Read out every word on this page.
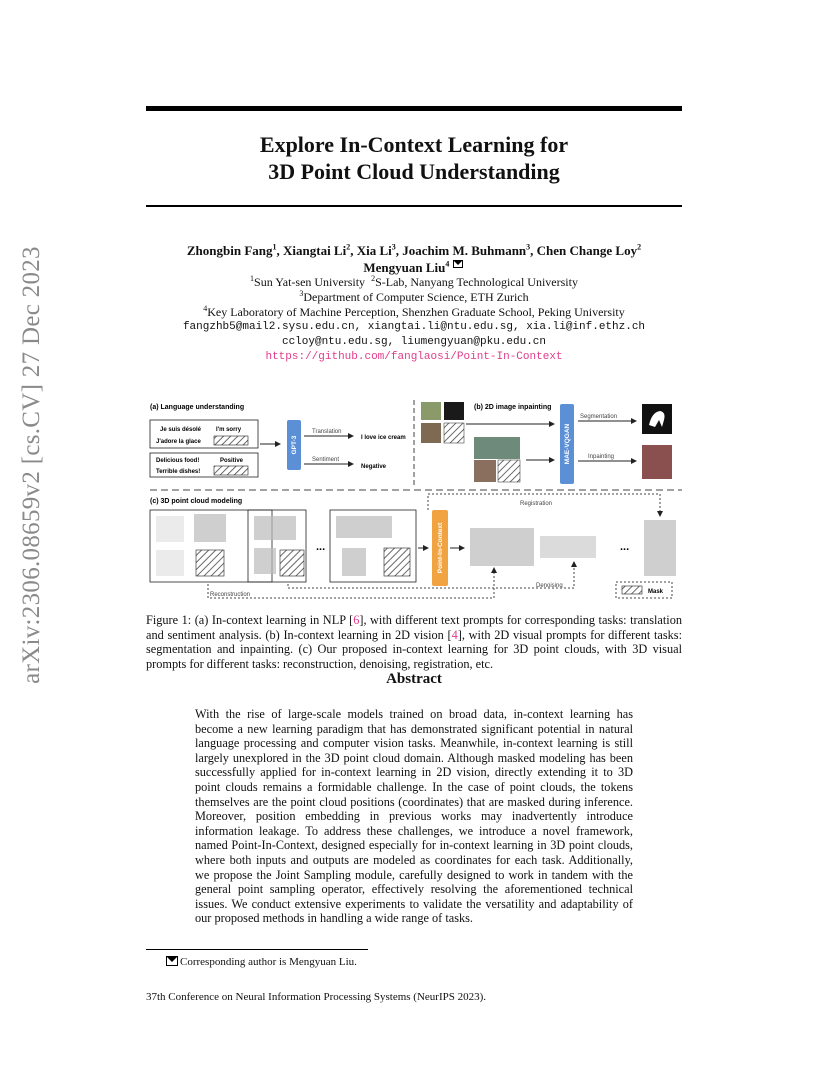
arXiv:2306.08659v2 [cs.CV] 27 Dec 2023
Explore In-Context Learning for
3D Point Cloud Understanding
Zhongbin Fang$^1$, Xiangtai Li$^2$, Xia Li$^3$, Joachim M. Buhmann$^3$, Chen Change Loy$^2$
Mengyuan Liu$^4$
$^1$Sun Yat-sen University $^2$S-Lab, Nanyang Technological University
$^3$Department of Computer Science, ETH Zurich
$^4$Key Laboratory of Machine Perception, Shenzhen Graduate School, Peking University
fangzhb5@mail2.sysu.edu.cn, xiangtai.li@ntu.edu.sg, xia.li@inf.ethz.ch
ccloy@ntu.edu.sg, liumengyuan@pku.edu.cn
https://github.com/fanglaosi/Point-In-Context
(a) Language understanding
Je suis désolé I'm sorry
J'adore la glace
Delicious food!	Positive
Terrible dishes!
GPT-3
Translation
I love ice cream
Sentiment
Negative
(b) 2D image inpainting
MAE-VQGAN
Segmentation
Inpainting
(c) 3D point cloud modeling
...	Point-In-Context	...
Registration
Denoising
Reconstruction	Mask
Figure 1: (a) In-context learning in NLP [6], with different text prompts for corresponding tasks: translation and sentiment analysis. (b) In-context learning in 2D vision [4], with 2D visual prompts for different tasks: segmentation and inpainting. (c) Our proposed in-context learning for 3D point clouds, with 3D visual prompts for different tasks: reconstruction, denoising, registration, etc.
Abstract
With the rise of large-scale models trained on broad data, in-context learning has become a new learning paradigm that has demonstrated significant potential in natural language processing and computer vision tasks. Meanwhile, in-context learning is still largely unexplored in the 3D point cloud domain. Although masked modeling has been successfully applied for in-context learning in 2D vision, directly extending it to 3D point clouds remains a formidable challenge. In the case of point clouds, the tokens themselves are the point cloud positions (coordinates) that are masked during inference. Moreover, position embedding in previous works may inadvertently introduce information leakage. To address these challenges, we introduce a novel framework, named Point-In-Context, designed especially for in-context learning in 3D point clouds, where both inputs and outputs are modeled as coordinates for each task. Additionally, we propose the Joint Sampling module, carefully designed to work in tandem with the general point sampling operator, effectively resolving the aforementioned technical issues. We conduct extensive experiments to validate the versatility and adaptability of our proposed methods in handling a wide range of tasks.
Corresponding author is Mengyuan Liu.
37th Conference on Neural Information Processing Systems (NeurIPS 2023).
